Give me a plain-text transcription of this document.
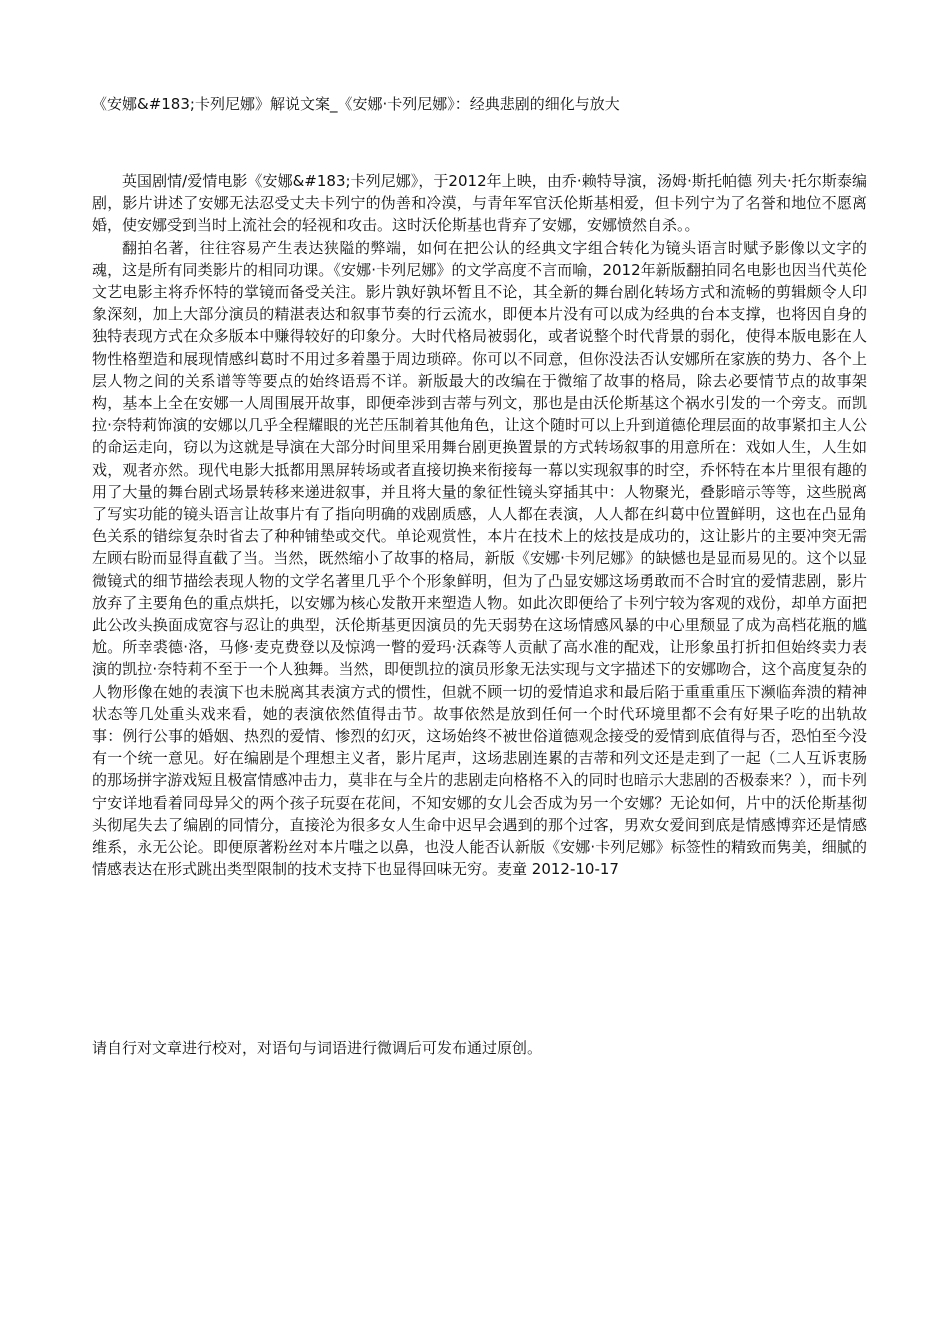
《安娜&#183;卡列尼娜》解说文案_《安娜·卡列尼娜》：经典悲剧的细化与放大

英国剧情/爱情电影《安娜&#183;卡列尼娜》，于2012年上映，由乔·赖特导演，汤姆·斯托帕德 列夫·托尔斯泰编剧，影片讲述了安娜无法忍受丈夫卡列宁的伪善和冷漠，与青年军官沃伦斯基相爱，但卡列宁为了名誉和地位不愿离婚，使安娜受到当时上流社会的轻视和攻击。这时沃伦斯基也背弃了安娜，安娜愤然自杀。。

翻拍名著，往往容易产生表达狭隘的弊端，如何在把公认的经典文字组合转化为镜头语言时赋予影像以文字的魂，这是所有同类影片的相同功课。《安娜·卡列尼娜》的文学高度不言而喻，2012年新版翻拍同名电影也因当代英伦文艺电影主将乔怀特的掌镜而备受关注。影片孰好孰坏暂且不论，其全新的舞台剧化转场方式和流畅的剪辑颇令人印象深刻，加上大部分演员的精湛表达和叙事节奏的行云流水，即便本片没有可以成为经典的台本支撑，也将因自身的独特表现方式在众多版本中赚得较好的印象分。大时代格局被弱化，或者说整个时代背景的弱化，使得本版电影在人物性格塑造和展现情感纠葛时不用过多着墨于周边琐碎。你可以不同意，但你没法否认安娜所在家族的势力、各个上层人物之间的关系谱等等要点的始终语焉不详。新版最大的改编在于微缩了故事的格局，除去必要情节点的故事架构，基本上全在安娜一人周围展开故事，即便牵涉到吉蒂与列文，那也是由沃伦斯基这个祸水引发的一个旁支。而凯拉·奈特莉饰演的安娜以几乎全程耀眼的光芒压制着其他角色，让这个随时可以上升到道德伦理层面的故事紧扣主人公的命运走向，窃以为这就是导演在大部分时间里采用舞台剧更换置景的方式转场叙事的用意所在：戏如人生，人生如戏，观者亦然。现代电影大抵都用黑屏转场或者直接切换来衔接每一幕以实现叙事的时空，乔怀特在本片里很有趣的用了大量的舞台剧式场景转移来递进叙事，并且将大量的象征性镜头穿插其中：人物聚光，叠影暗示等等，这些脱离了写实功能的镜头语言让故事片有了指向明确的戏剧质感，人人都在表演，人人都在纠葛中位置鲜明，这也在凸显角色关系的错综复杂时省去了种种铺垫或交代。单论观赏性，本片在技术上的炫技是成功的，这让影片的主要冲突无需左顾右盼而显得直截了当。当然，既然缩小了故事的格局，新版《安娜·卡列尼娜》的缺憾也是显而易见的。这个以显微镜式的细节描绘表现人物的文学名著里几乎个个形象鲜明，但为了凸显安娜这场勇敢而不合时宜的爱情悲剧，影片放弃了主要角色的重点烘托，以安娜为核心发散开来塑造人物。如此次即便给了卡列宁较为客观的戏份，却单方面把此公改头换面成宽容与忍让的典型，沃伦斯基更因演员的先天弱势在这场情感风暴的中心里颓显了成为高档花瓶的尴尬。所幸裘德·洛，马修·麦克费登以及惊鸿一瞥的爱玛·沃森等人贡献了高水准的配戏，让形象虽打折扣但始终卖力表演的凯拉·奈特莉不至于一个人独舞。当然，即便凯拉的演员形象无法实现与文字描述下的安娜吻合，这个高度复杂的人物形像在她的表演下也未脱离其表演方式的惯性，但就不顾一切的爱情追求和最后陷于重重重压下濒临奔溃的精神状态等几处重头戏来看，她的表演依然值得击节。故事依然是放到任何一个时代环境里都不会有好果子吃的出轨故事：例行公事的婚姻、热烈的爱情、惨烈的幻灭，这场始终不被世俗道德观念接受的爱情到底值得与否，恐怕至今没有一个统一意见。好在编剧是个理想主义者，影片尾声，这场悲剧连累的吉蒂和列文还是走到了一起（二人互诉衷肠的那场拼字游戏短且极富情感冲击力，莫非在与全片的悲剧走向格格不入的同时也暗示大悲剧的否极泰来？），而卡列宁安详地看着同母异父的两个孩子玩耍在花间，不知安娜的女儿会否成为另一个安娜？无论如何，片中的沃伦斯基彻头彻尾失去了编剧的同情分，直接沦为很多女人生命中迟早会遇到的那个过客，男欢女爱间到底是情感博弈还是情感维系，永无公论。即便原著粉丝对本片嗤之以鼻，也没人能否认新版《安娜·卡列尼娜》标签性的精致而隽美，细腻的情感表达在形式跳出类型限制的技术支持下也显得回味无穷。麦童 2012-10-17

请自行对文章进行校对，对语句与词语进行微调后可发布通过原创。
